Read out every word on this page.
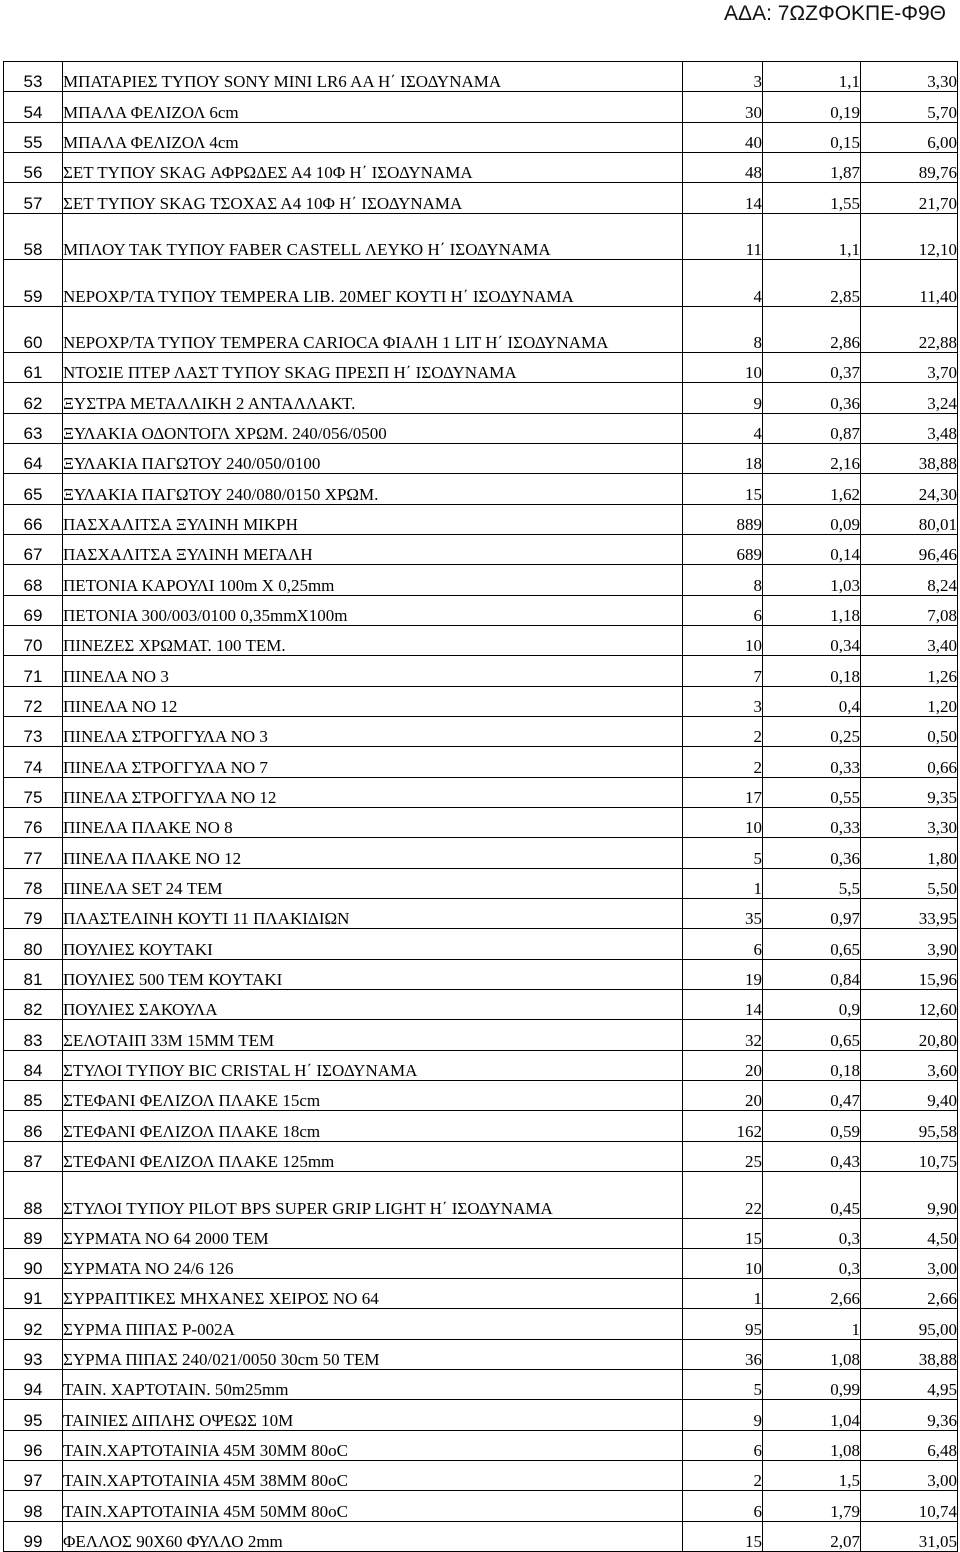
ΑΔΑ: 7ΩΖΦΟΚΠΕ-Φ9Θ
53	ΜΠΑΤΑΡΙΕΣ ΤΥΠΟΥ SONY MINI LR6 AA Η΄ ΙΣΟΔΥΝΑΜΑ	3	1,1	3,30
54	ΜΠΑΛΑ ΦΕΛΙΖΟΛ 6cm	30	0,19	5,70
55	ΜΠΑΛΑ ΦΕΛΙΖΟΛ 4cm	40	0,15	6,00
56	ΣΕΤ ΤΥΠΟΥ SKAG ΑΦΡΩΔΕΣ Α4 10Φ Η΄ ΙΣΟΔΥΝΑΜΑ	48	1,87	89,76
57	ΣΕΤ ΤΥΠΟΥ SKAG ΤΣΟΧΑΣ Α4 10Φ Η΄ ΙΣΟΔΥΝΑΜΑ	14	1,55	21,70
58	ΜΠΛΟΥ ΤΑΚ ΤΥΠΟΥ FABER CASTELL ΛΕΥΚΟ Η΄ ΙΣΟΔΥΝΑΜΑ	11	1,1	12,10
59	ΝΕΡΟΧΡ/ΤΑ ΤΥΠΟΥ TEMPERA LIB. 20ΜΕΓ ΚΟΥΤΙ Η΄ ΙΣΟΔΥΝΑΜΑ	4	2,85	11,40
60	ΝΕΡΟΧΡ/ΤΑ ΤΥΠΟΥ TEMPERA CARIOCA ΦΙΑΛΗ 1 LIT Η΄ ΙΣΟΔΥΝΑΜΑ	8	2,86	22,88
61	ΝΤΟΣΙΕ ΠΤΕΡ ΛΑΣΤ ΤΥΠΟΥ SKAG ΠΡΕΣΠ Η΄ ΙΣΟΔΥΝΑΜΑ	10	0,37	3,70
62	ΞΥΣΤΡΑ ΜΕΤΑΛΛΙΚΗ 2 ΑΝΤΑΛΛΑΚΤ.	9	0,36	3,24
63	ΞΥΛΑΚΙΑ ΟΔΟΝΤΟΓΛ ΧΡΩΜ. 240/056/0500	4	0,87	3,48
64	ΞΥΛΑΚΙΑ ΠΑΓΩΤΟΥ 240/050/0100	18	2,16	38,88
65	ΞΥΛΑΚΙΑ ΠΑΓΩΤΟΥ 240/080/0150 ΧΡΩΜ.	15	1,62	24,30
66	ΠΑΣΧΑΛΙΤΣΑ ΞΥΛΙΝΗ ΜΙΚΡΗ	889	0,09	80,01
67	ΠΑΣΧΑΛΙΤΣΑ ΞΥΛΙΝΗ ΜΕΓΑΛΗ	689	0,14	96,46
68	ΠΕΤΟΝΙΑ ΚΑΡΟΥΛΙ 100m X 0,25mm	8	1,03	8,24
69	ΠΕΤΟΝΙΑ 300/003/0100 0,35mmX100m	6	1,18	7,08
70	ΠΙΝΕΖΕΣ ΧΡΩΜΑΤ. 100 ΤΕΜ.	10	0,34	3,40
71	ΠΙΝΕΛΑ ΝΟ 3	7	0,18	1,26
72	ΠΙΝΕΛΑ ΝΟ 12	3	0,4	1,20
73	ΠΙΝΕΛΑ ΣΤΡΟΓΓΥΛΑ ΝΟ 3	2	0,25	0,50
74	ΠΙΝΕΛΑ ΣΤΡΟΓΓΥΛΑ ΝΟ 7	2	0,33	0,66
75	ΠΙΝΕΛΑ ΣΤΡΟΓΓΥΛΑ ΝΟ 12	17	0,55	9,35
76	ΠΙΝΕΛΑ ΠΛΑΚΕ ΝΟ 8	10	0,33	3,30
77	ΠΙΝΕΛΑ ΠΛΑΚΕ ΝΟ 12	5	0,36	1,80
78	ΠΙΝΕΛΑ SET 24 TEM	1	5,5	5,50
79	ΠΛΑΣΤΕΛΙΝΗ ΚΟΥΤΙ 11 ΠΛΑΚΙΔΙΩΝ	35	0,97	33,95
80	ΠΟΥΛΙΕΣ ΚΟΥΤΑΚΙ	6	0,65	3,90
81	ΠΟΥΛΙΕΣ 500 ΤΕΜ ΚΟΥΤΑΚΙ	19	0,84	15,96
82	ΠΟΥΛΙΕΣ ΣΑΚΟΥΛΑ	14	0,9	12,60
83	ΣΕΛΟΤΑΙΠ 33M 15MM TEM	32	0,65	20,80
84	ΣΤΥΛΟΙ ΤΥΠΟΥ BIC CRISTAL Η΄ ΙΣΟΔΥΝΑΜΑ	20	0,18	3,60
85	ΣΤΕΦΑΝΙ ΦΕΛΙΖΟΛ ΠΛΑΚΕ 15cm	20	0,47	9,40
86	ΣΤΕΦΑΝΙ ΦΕΛΙΖΟΛ ΠΛΑΚΕ 18cm	162	0,59	95,58
87	ΣΤΕΦΑΝΙ ΦΕΛΙΖΟΛ ΠΛΑΚΕ 125mm	25	0,43	10,75
88	ΣΤΥΛΟΙ ΤΥΠΟΥ PILOT BPS SUPER GRIP LIGHT Η΄ ΙΣΟΔΥΝΑΜΑ	22	0,45	9,90
89	ΣΥΡΜΑΤΑ ΝΟ 64 2000 ΤΕΜ	15	0,3	4,50
90	ΣΥΡΜΑΤΑ ΝΟ 24/6 126	10	0,3	3,00
91	ΣΥΡΡΑΠΤΙΚΕΣ ΜΗΧΑΝΕΣ ΧΕΙΡΟΣ ΝΟ 64	1	2,66	2,66
92	ΣΥΡΜΑ ΠΙΠΑΣ P-002A	95	1	95,00
93	ΣΥΡΜΑ ΠΙΠΑΣ 240/021/0050 30cm 50 TEM	36	1,08	38,88
94	ΤΑΙΝ. ΧΑΡΤΟΤΑΙΝ. 50m25mm	5	0,99	4,95
95	ΤΑΙΝΙΕΣ ΔΙΠΛΗΣ ΟΨΕΩΣ 10Μ	9	1,04	9,36
96	ΤΑΙΝ.ΧΑΡΤΟΤΑΙΝΙΑ 45Μ 30ΜΜ 80oC	6	1,08	6,48
97	ΤΑΙΝ.ΧΑΡΤΟΤΑΙΝΙΑ 45Μ 38ΜΜ 80oC	2	1,5	3,00
98	ΤΑΙΝ.ΧΑΡΤΟΤΑΙΝΙΑ 45Μ 50ΜΜ 80oC	6	1,79	10,74
99	ΦΕΛΛΟΣ 90Χ60 ΦΥΛΛΟ 2mm	15	2,07	31,05
